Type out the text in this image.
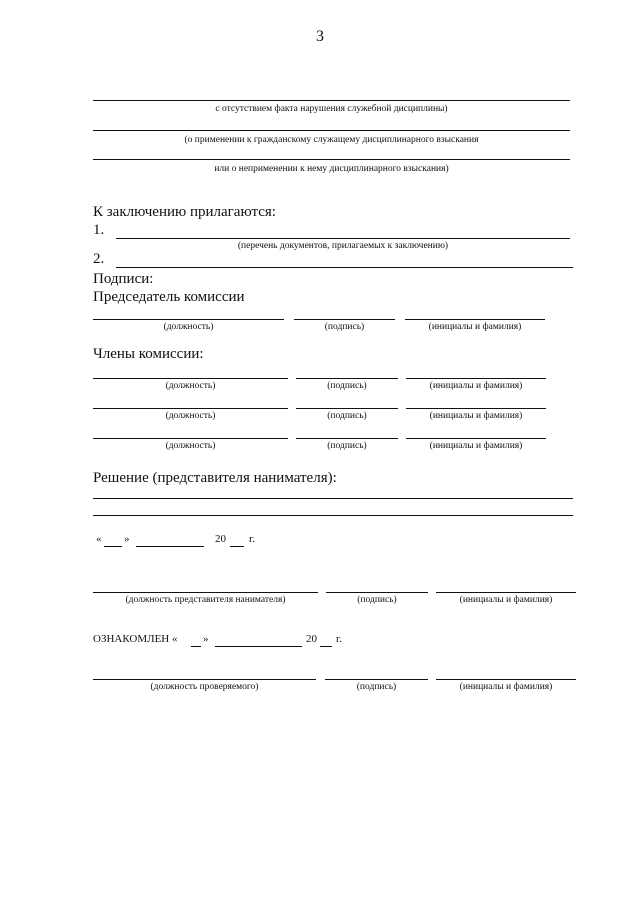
3
с отсутствием факта нарушения служебной дисциплины)
(о применении к гражданскому служащему дисциплинарного взыскания
или о неприменении к нему дисциплинарного взыскания)
К заключению прилагаются:
1.
(перечень документов, прилагаемых к заключению)
2.
Подписи:
Председатель комиссии
(должность)	(подпись)	(инициалы и фамилия)
Члены комиссии:
(должность)	(подпись)	(инициалы и фамилия)
(должность)	(подпись)	(инициалы и фамилия)
(должность)	(подпись)	(инициалы и фамилия)
Решение (представителя нанимателя):
« »	20 г.
(должность представителя нанимателя)	(подпись)	(инициалы и фамилия)
ОЗНАКОМЛЕН « »	20 г.
(должность проверяемого)	(подпись)	(инициалы и фамилия)
